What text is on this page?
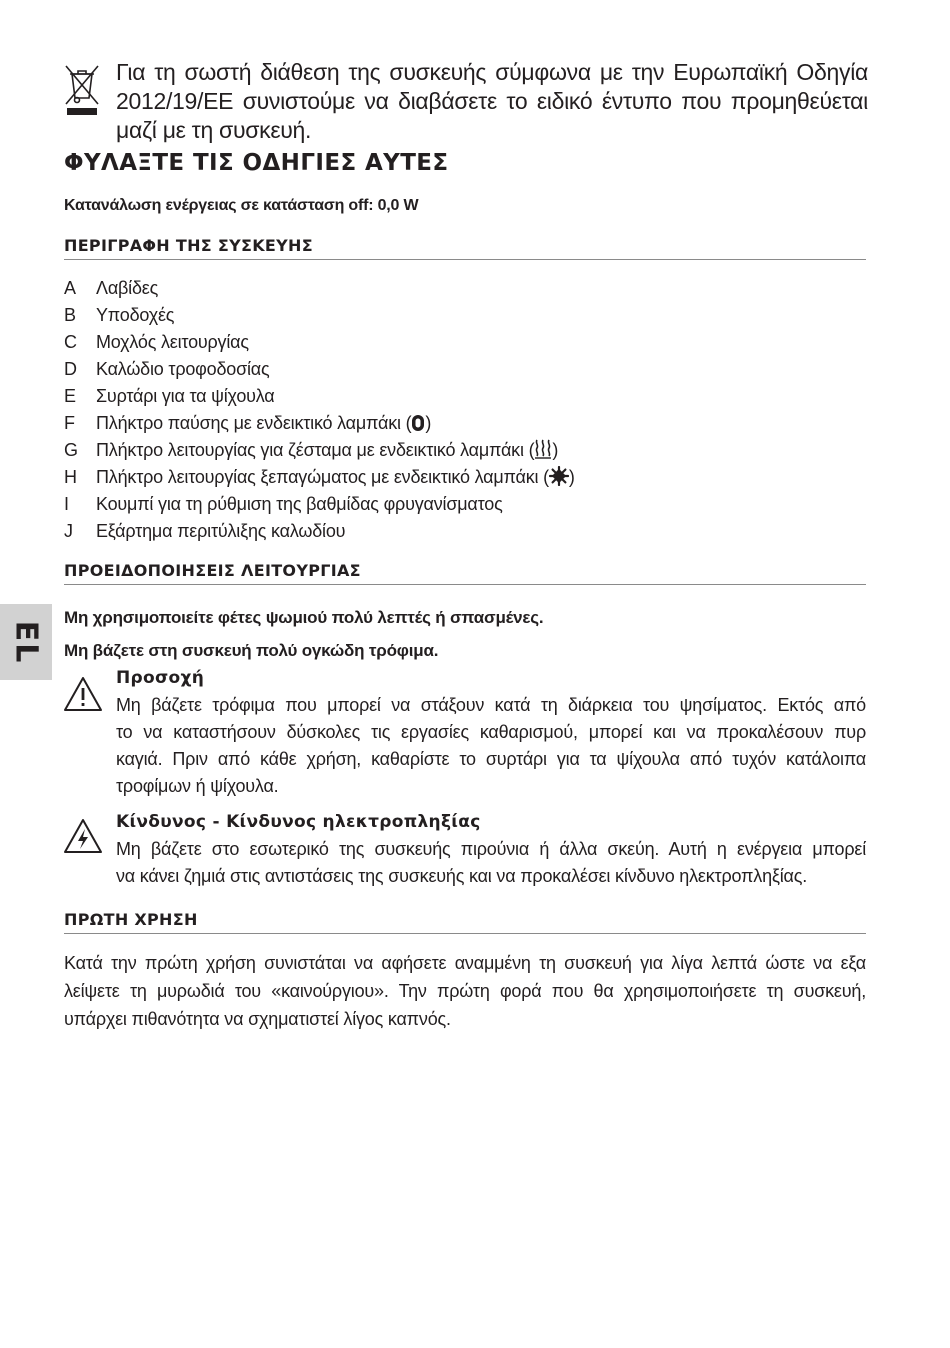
Για τη σωστή διάθεση της συσκευής σύμφωνα με την Ευρωπαϊκή Οδηγία
2012/19/ΕΕ συνιστούμε να διαβάσετε το ειδικό έντυπο που προμηθεύεται
μαζί με τη συσκευή.
ΦΥΛΑΞΤΕ ΤΙΣ ΟΔΗΓΙΕΣ ΑΥΤΕΣ
Κατανάλωση ενέργειας σε κατάσταση off: 0,0 W
ΠΕΡΙΓΡΑΦΗ ΤΗΣ ΣΥΣΚΕΥΗΣ
A Λαβίδες
B Υποδοχές
C Μοχλός λειτουργίας
D Καλώδιο τροφοδοσίας
E Συρτάρι για τα ψίχουλα
F Πλήκτρο παύσης με ενδεικτικό λαμπάκι ( )
G Πλήκτρο λειτουργίας για ζέσταμα με ενδεικτικό λαμπάκι ( )
H Πλήκτρο λειτουργίας ξεπαγώματος με ενδεικτικό λαμπάκι ( )
I Κουμπί για τη ρύθμιση της βαθμίδας φρυγανίσματος
J Εξάρτημα περιτύλιξης καλωδίου
ΠΡΟΕΙΔΟΠΟΙΗΣΕΙΣ ΛΕΙΤΟΥΡΓΙΑΣ
Μη χρησιμοποιείτε φέτες ψωμιού πολύ λεπτές ή σπασμένες.
Μη βάζετε στη συσκευή πολύ ογκώδη τρόφιμα.
Προσοχή
Μη βάζετε τρόφιμα που μπορεί να στάξουν κατά τη διάρκεια του ψησίματος. Εκτός από
το να καταστήσουν δύσκολες τις εργασίες καθαρισμού, μπορεί και να προκαλέσουν πυρ
καγιά. Πριν από κάθε χρήση, καθαρίστε το συρτάρι για τα ψίχουλα από τυχόν κατάλοιπα
τροφίμων ή ψίχουλα.
Κίνδυνος - Κίνδυνος ηλεκτροπληξίας
Μη βάζετε στο εσωτερικό της συσκευής πιρούνια ή άλλα σκεύη. Αυτή η ενέργεια μπορεί
να κάνει ζημιά στις αντιστάσεις της συσκευής και να προκαλέσει κίνδυνο ηλεκτροπληξίας.
ΠΡΩΤΗ ΧΡΗΣΗ
Κατά την πρώτη χρήση συνιστάται να αφήσετε αναμμένη τη συσκευή για λίγα λεπτά ώστε να εξα
λείψετε τη μυρωδιά του «καινούργιου». Την πρώτη φορά που θα χρησιμοποιήσετε τη συσκευή,
υπάρχει πιθανότητα να σχηματιστεί λίγος καπνός.
EL
